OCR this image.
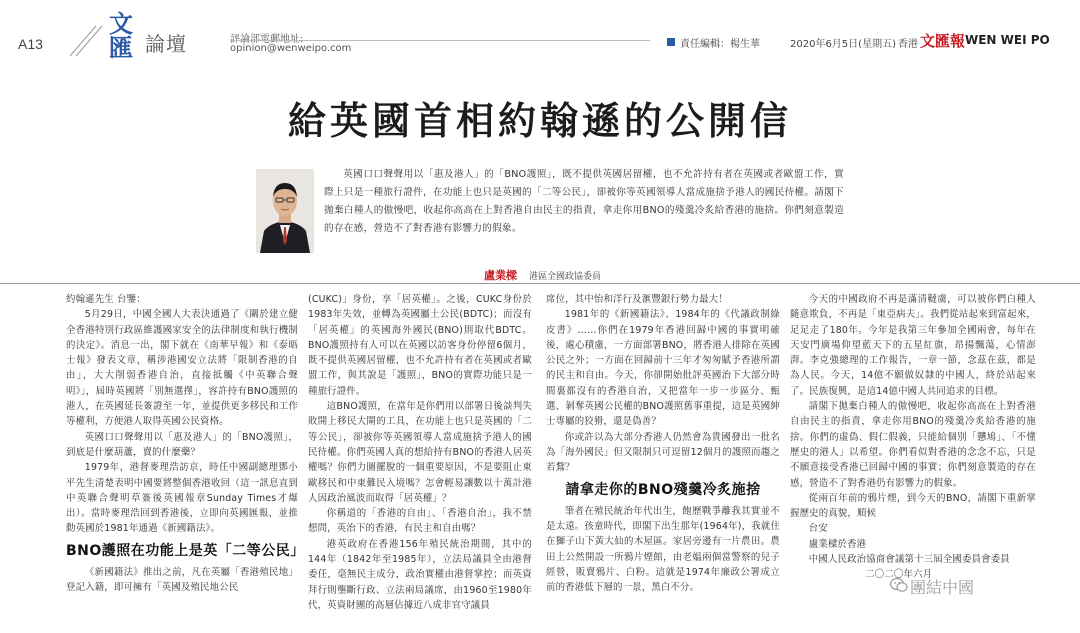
A13
文
匯 論壇	opinion@wenweipo.com	責任編輯：楊生華	2020年6月5日(星期五) 香港 文匯報 WEN WEI PO
給英國首相約翰遜的公開信
英國口口聲聲用以「惠及港人」的「BNO護照」，既不提供英國居留權，也不允許持有者在英國或者歐盟工作，實際上只是一種旅行證件，在功能上也只是英國的「二等公民」，卻被你等英國領導人當成施捨予港人的國民待權。請閣下拋棄白種人的傲慢吧，收起你高高在上對香港自由民主的指責，拿走你用BNO的殘羹冷炙給香港的施捨。你們刻意製造的存在感，營造不了對香港有影響力的假象。
盧業樑 港區全國政協委員

約翰遜先生 台鑒：

5月29日，中國全國人大表決通過了《關於建立健全香港特別行政區維護國家安全的法律制度和執行機制的決定》。消息一出，閣下就在《南華早報》和《泰晤士報》發表文章，稱涉港國安立法將「限制香港的自由」，大大削弱香港自治，直接抵觸《中英聯合聲明》」，屆時英國將「別無選擇」，容許持有BNO護照的港人，在英國延長簽證至一年，並提供更多移民和工作等權利，方便港人取得英國公民資格。

英國口口聲聲用以「惠及港人」的「BNO護照」，到底是什麼葫蘆，賣的什麼藥？

1979年，港督麥理浩訪京，時任中國副總理鄧小平先生清楚表明中國要將整個香港收回（這一訊息直到中英聯合聲明草簽後英國報章Sunday Times才爆出）。當時麥理浩回到香港後，立即向英國匯報，並推動英國於1981年通過《新國籍法》。

BNO護照在功能上是英「二等公民」

《新國籍法》推出之前，凡在英屬「香港殖民地」登記入籍，即可擁有「英國及殖民地公民

(CUKC)」身份，享「居英權」。之後，CUKC身份於1983年失效，並轉為英國屬土公民(BDTC)；而沒有「居英權」的英國海外國民(BNO)則取代BDTC。BNO護照持有人可以在英國以訪客身份停留6個月，既不提供英國居留權，也不允許持有者在英國或者歐盟工作，與其說是「護照」，BNO的實際功能只是一種旅行證件。

這BNO護照，在當年是你們用以部署日後談判失敗開上移民大閘的工具，在功能上也只是英國的「二等公民」，卻被你等英國領導人當成施捨予港人的國民待權。你們英國人真的想給持有BNO的香港人居英權嗎？你們力圖擺脫的一個重要原因，不是要阻止東歐移民和中東難民入境嗎？怎會輕易讓數以十萬計港人因政治風波而取得「居英權」？

你稱道的「香港的自由」、「香港自治」，我不禁想問，英治下的香港，有民主和自由嗎？

港英政府在香港156年殖民統治期間，其中的144年（1842年至1985年），立法局議員全由港督委任，毫無民主成分，政治實權由港督掌控；而英資拜行則壟斷行政、立法兩局議席，由1960至1980年代，英資財團的高層佔據近八成非官守議員

席位，其中怡和洋行及滙豐銀行勢力最大！

1981年的《新國籍法》、1984年的《代議政制綠皮書》……你們在1979年香港回歸中國的事實明確後，處心積慮，一方面部署BNO，將香港人排除在英國公民之外；一方面在回歸前十三年才匆匆賦予香港所謂的民主和自由。今天，你卻開始批評英國治下大部分時間裏都沒有的香港自治，又把當年一步一步區分、甄選、剝奪英國公民權的BNO護照舊事重提，這是英國紳士專屬的狡猾，還是偽善？

你或許以為大部分香港人仍然會為貴國發出一批名為「海外國民」但又限制只可逗留12個月的護照而趨之若鶩？

請拿走你的BNO殘羹冷炙施捨

筆者在殖民統治年代出生，飽歷戰爭離我其實並不是太遠。孩童時代，即閣下出生那年(1964年)，我就住在獅子山下黃大仙的木屋區。家居旁邊有一片農田。農田上公然開設一所鴉片煙館，由老媪兩個當警察的兒子經營，販賣鴉片、白粉。這就是1974年廉政公署成立前的香港低下層的一景，黑白不分。

今天的中國政府不再是滿清韃虜，可以被你們白種人隨意欺負，不再是「東亞病夫」。我們從站起來到富起來，足足走了180年。今年是我第三年參加全國兩會，每年在天安門廣場仰望藍天下的五星紅旗，昂揚飄蕩，心情澎湃。李克強總理的工作報告，一章一節，念茲在茲，都是為人民。今天，14億不願做奴隸的中國人，終於站起來了。民族復興，是這14億中國人共同追求的目標。

請閣下拋棄白種人的傲慢吧，收起你高高在上對香港自由民主的指責，拿走你用BNO的殘羹冷炙給香港的施捨。你們的虛偽、假仁假義，只能給個別「戇鳩」、「不懂歷史的港人」以希望。你們看似對香港的念念不忘，只是不願意接受香港已回歸中國的事實；你們刻意製造的存在感，營造不了對香港仍有影響力的假象。

從兩百年前的鴉片煙，到今天的BNO，請閣下重新掌握歷史的真貌，順候

台安

盧業樑於香港

中國人民政治協商會議第十三屆全國委員會委員

二〇二〇年六月

團結中國
